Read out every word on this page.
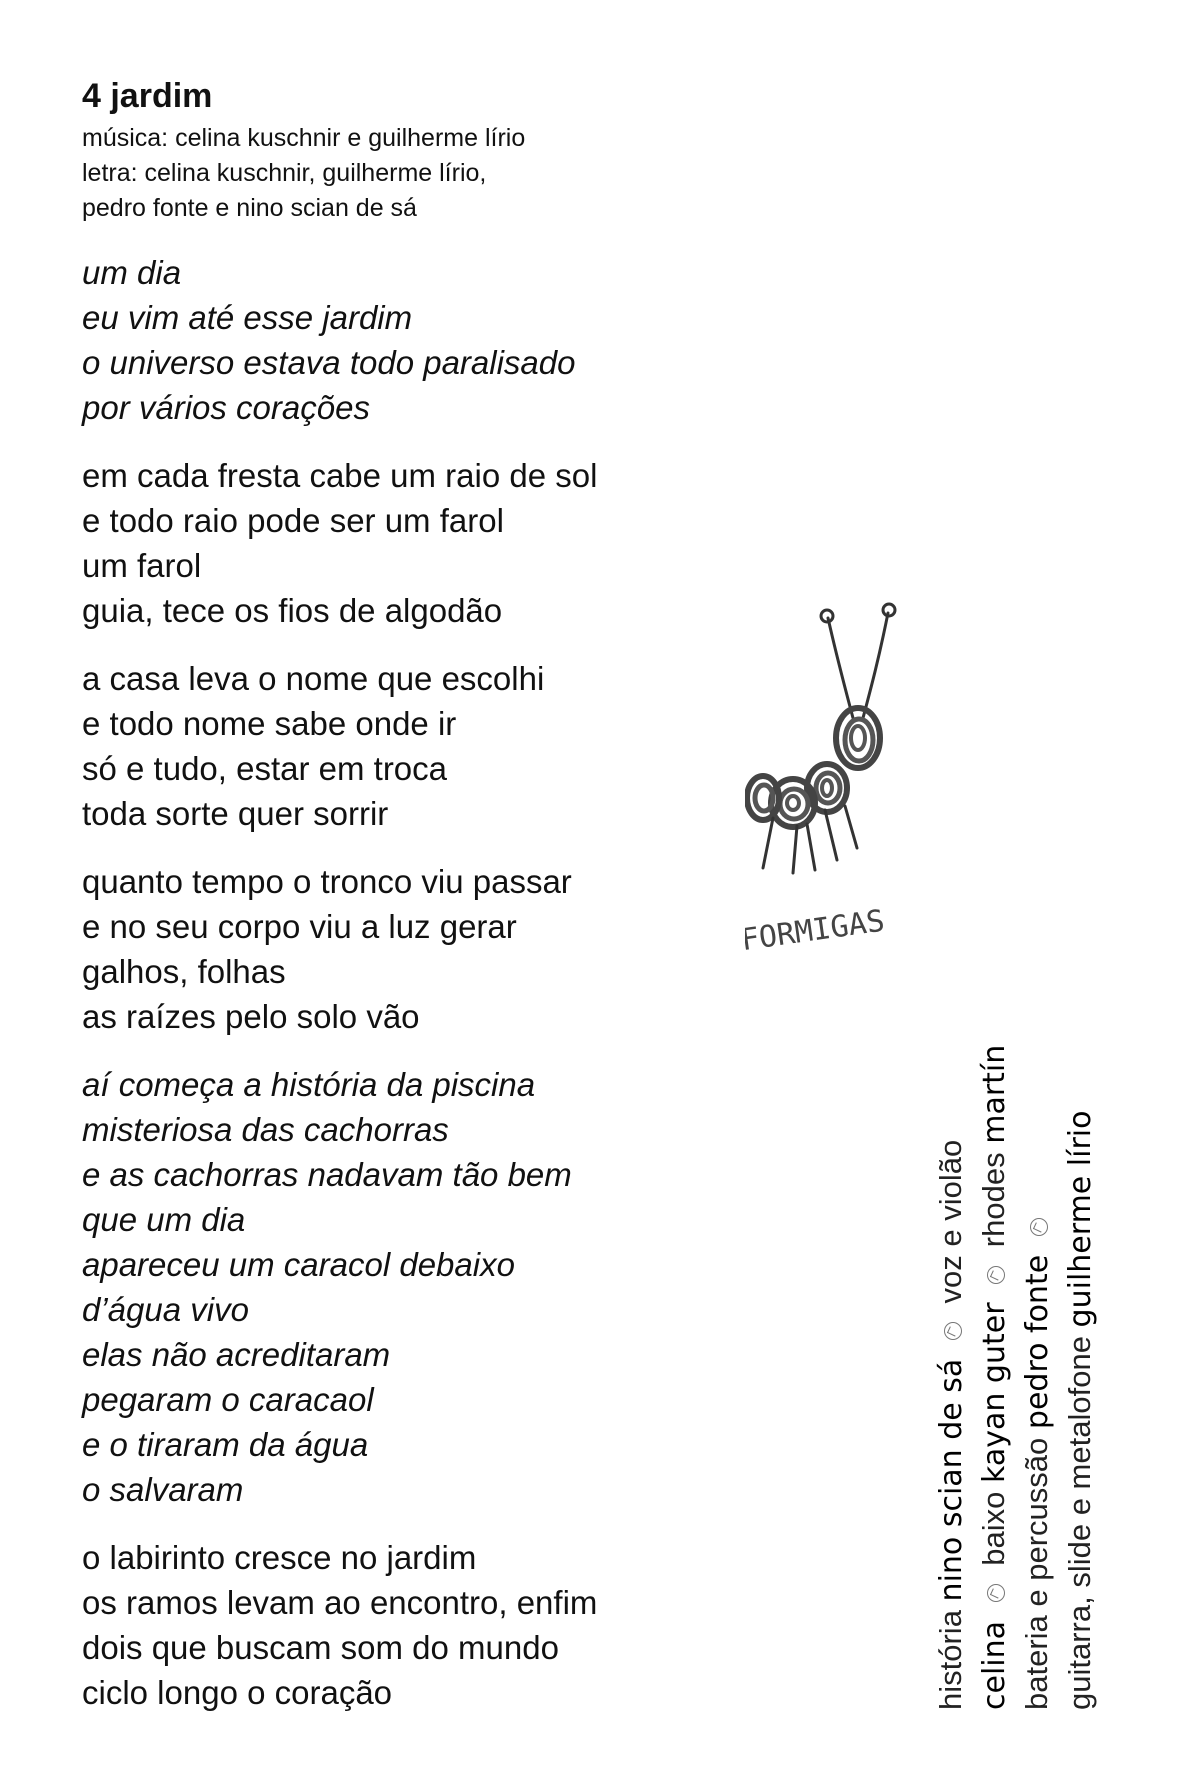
4 jardim
música: celina kuschnir e guilherme lírio
letra: celina kuschnir, guilherme lírio,
pedro fonte e nino scian de sá
um dia
eu vim até esse jardim
o universo estava todo paralisado
por vários corações
em cada fresta cabe um raio de sol
e todo raio pode ser um farol
um farol
guia, tece os fios de algodão
a casa leva o nome que escolhi
e todo nome sabe onde ir
só e tudo, estar em troca
toda sorte quer sorrir
quanto tempo o tronco viu passar
e no seu corpo viu a luz gerar
galhos, folhas
as raízes pelo solo vão
aí começa a história da piscina
misteriosa das cachorras
e as cachorras nadavam tão bem
que um dia
apareceu um caracol debaixo
d’água vivo
elas não acreditaram
pegaram o caracaol
e o tiraram da água
o salvaram
o labirinto cresce no jardim
os ramos levam ao encontro, enfim
dois que buscam som do mundo
ciclo longo o coração
FORMIGAS
história nino scian de sá  voz e violão
celina  baixo kayan guter  rhodes martín
bateria e percussão pedro fonte guitarra, slide e metalofone guilherme lírio
